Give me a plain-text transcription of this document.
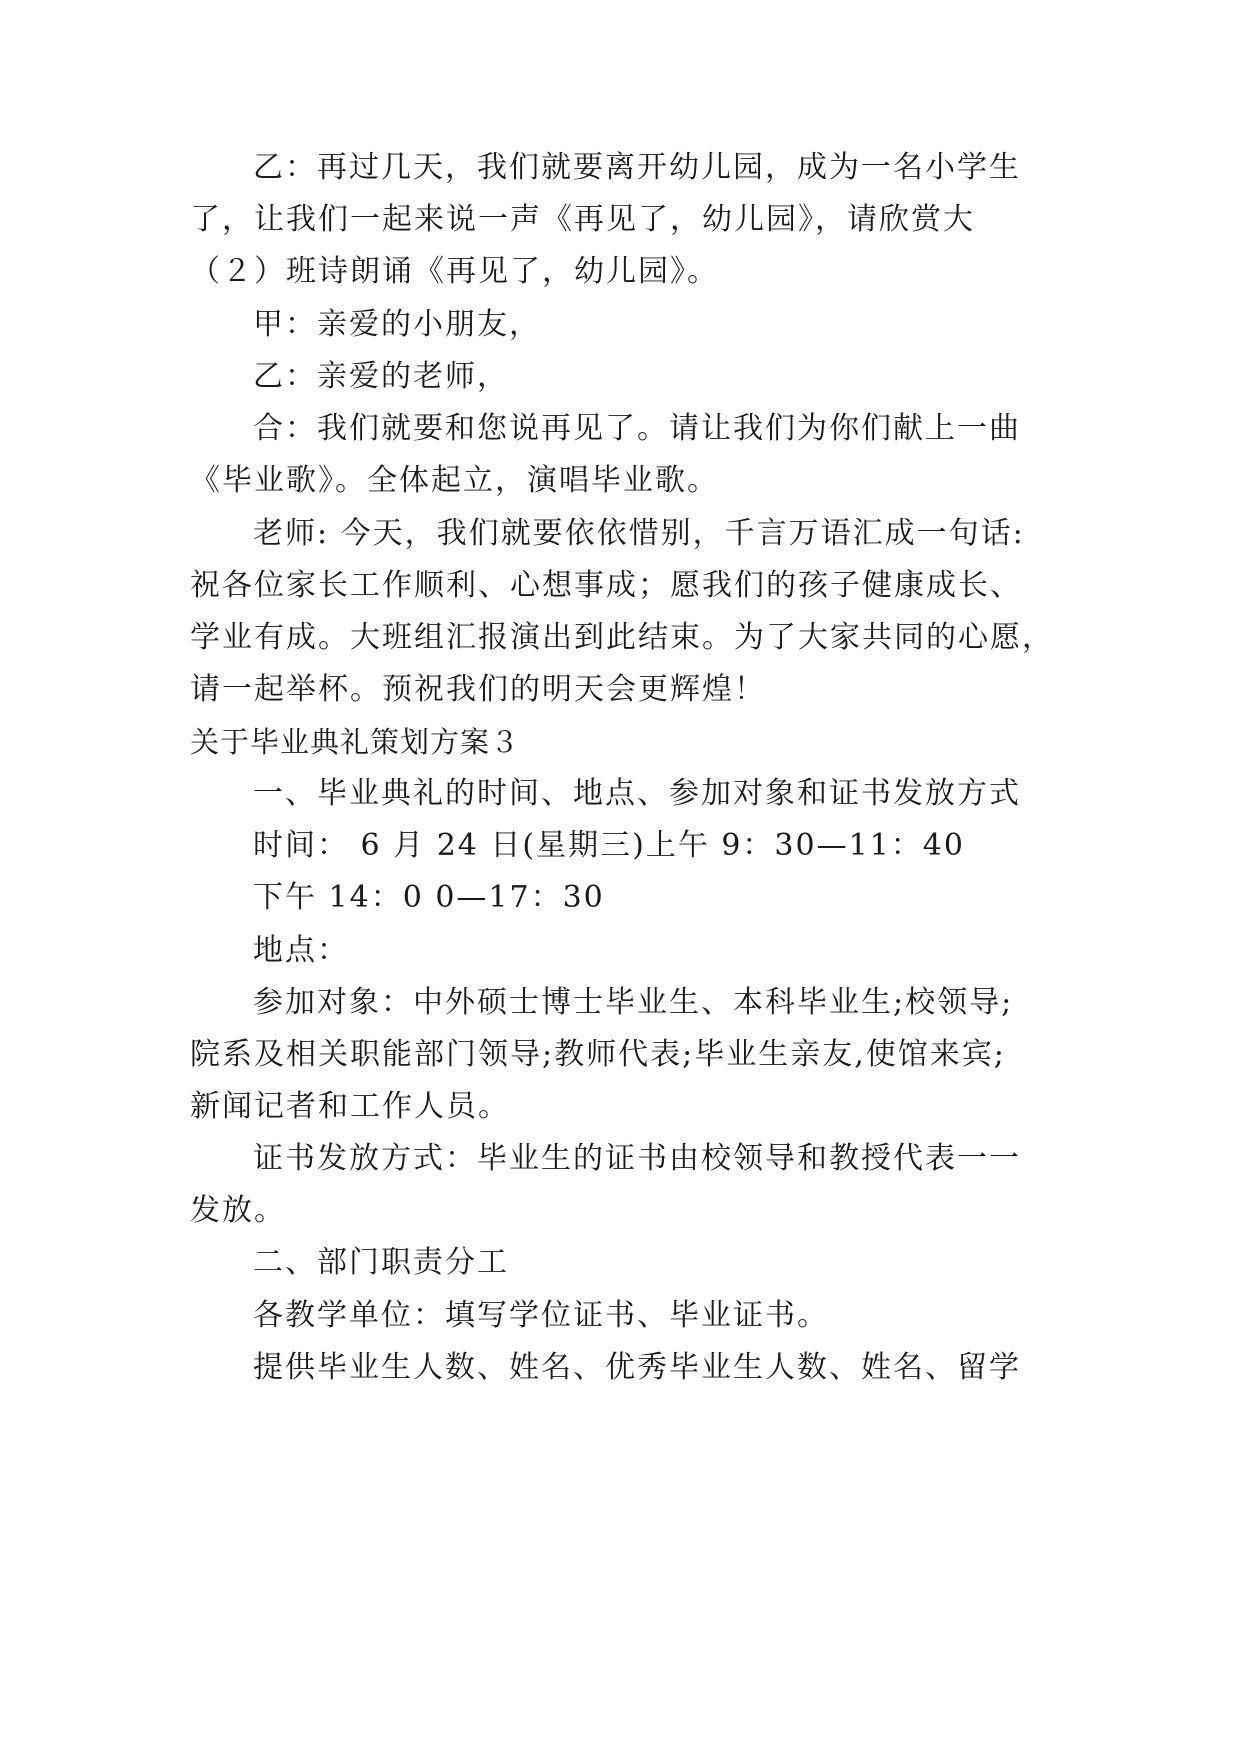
乙：再过几天，我们就要离开幼儿园，成为一名小学生
了，让我们一起来说一声《再见了，幼儿园》，请欣赏大
（２）班诗朗诵《再见了，幼儿园》。
甲：亲爱的小朋友，
乙：亲爱的老师，
合：我们就要和您说再见了。请让我们为你们献上一曲
《毕业歌》。全体起立，演唱毕业歌。
老师: 今天，我们就要依依惜别，千言万语汇成一句话:
祝各位家长工作顺利、心想事成；愿我们的孩子健康成长、
学业有成。大班组汇报演出到此结束。为了大家共同的心愿，
请一起举杯。预祝我们的明天会更辉煌！
关于毕业典礼策划方案３
一、毕业典礼的时间、地点、参加对象和证书发放方式
时间： 6 月 24 日(星期三)上午 9：30—11：40
下午 14：0 0—17：30
地点：
参加对象：中外硕士博士毕业生、本科毕业生;校领导;
院系及相关职能部门领导;教师代表;毕业生亲友,使馆来宾;
新闻记者和工作人员。
证书发放方式：毕业生的证书由校领导和教授代表一一
发放。
二、部门职责分工
各教学单位：填写学位证书、毕业证书。
提供毕业生人数、姓名、优秀毕业生人数、姓名、留学
